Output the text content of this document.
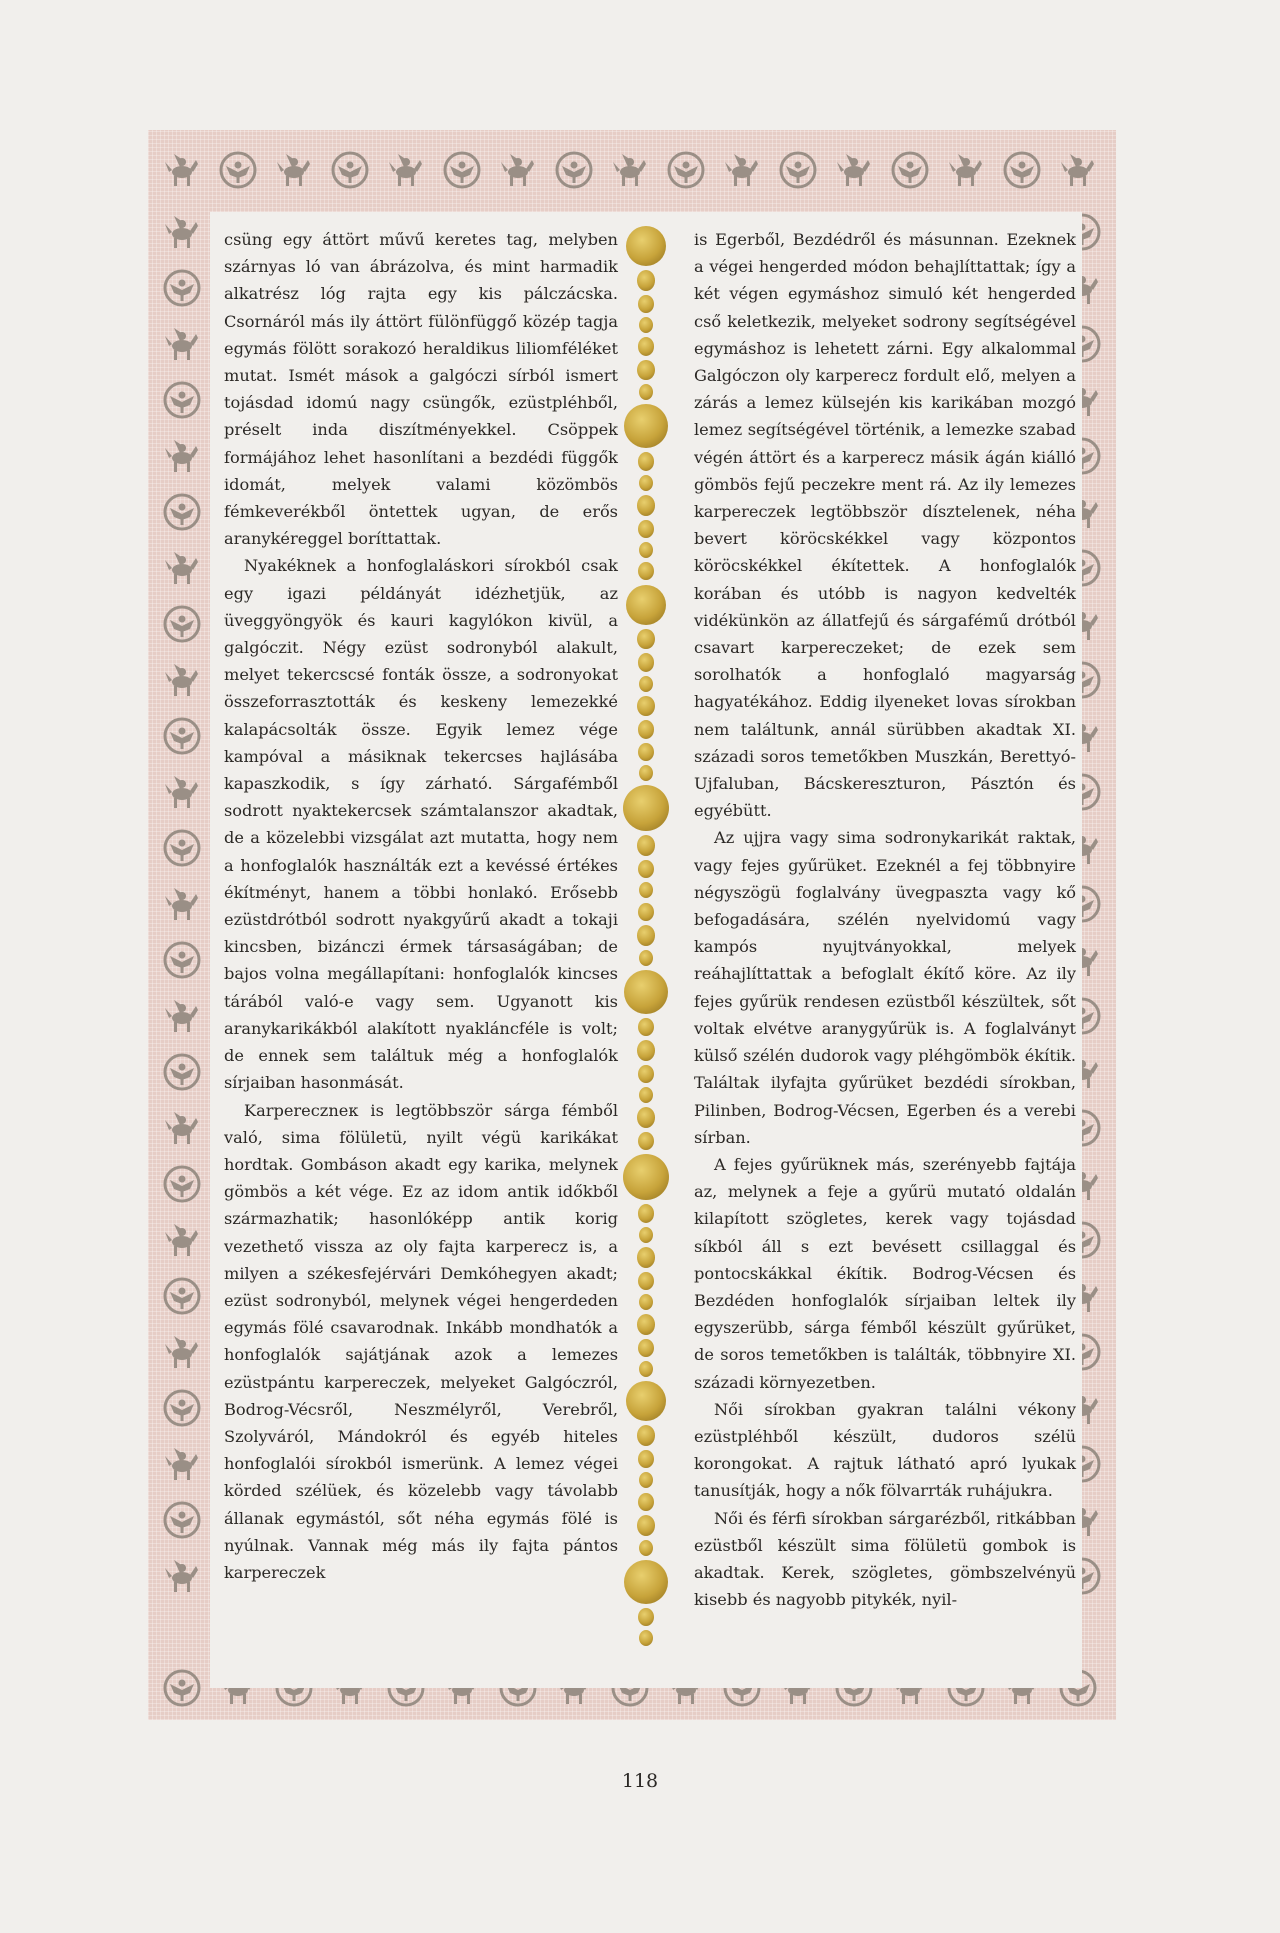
csüng egy áttört művű keretes tag, melyben szárnyas ló van ábrázolva, és mint harmadik alkatrész lóg rajta egy kis pálczácska. Csornáról más ily áttört fülönfüggő közép tagja egymás fölött sorakozó heraldikus liliomféléket mutat. Ismét mások a galgóczi sírból ismert tojásdad idomú nagy csüngők, ezüstpléhből, préselt inda diszítményekkel. Csöppek formájához lehet hasonlítani a bezdédi függők idomát, melyek valami közömbös fémkeverékből öntettek ugyan, de erős aranykéreggel boríttattak.

Nyakéknek a honfoglaláskori sírokból csak egy igazi példányát idézhetjük, az üveggyöngyök és kauri kagylókon kivül, a galgóczit. Négy ezüst sodronyból alakult, melyet tekercscsé fonták össze, a sodronyokat összeforrasztották és keskeny lemezekké kalapácsolták össze. Egyik lemez vége kampóval a másiknak tekercses hajlásába kapaszkodik, s így zárható. Sárgafémből sodrott nyaktekercsek számtalanszor akadtak, de a közelebbi vizsgálat azt mutatta, hogy nem a honfoglalók használták ezt a kevéssé értékes ékítményt, hanem a többi honlakó. Erősebb ezüstdrótból sodrott nyakgyűrű akadt a tokaji kincsben, bizánczi érmek társaságában; de bajos volna megállapítani: honfoglalók kincses tárából való-e vagy sem. Ugyanott kis aranykarikákból alakított nyakláncféle is volt; de ennek sem találtuk még a honfoglalók sírjaiban hasonmását.

Karpereczneк is legtöbbször sárga fémből való, sima fölületü, nyilt végü karikákat hordtak. Gombáson akadt egy karika, melynek gömbös a két vége. Ez az idom antik időkből származhatik; hasonlóképp antik korig vezethető vissza az oly fajta karperecz is, a milyen a székesfejérvári Demkóhegyen akadt; ezüst sodronyból, melynek végei hengerdeden egymás fölé csavarodnak. Inkább mondhatók a honfoglalók sajátjának azok a lemezes ezüstpántu karpereczek, melyeket Galgóczról, Bodrog-Vécsről, Neszmélyről, Verebről, Szolyváról, Mándokról és egyéb hiteles honfoglalói sírokból ismerünk. A lemez végei körded szélüek, és közelebb vagy távolabb állanak egymástól, sőt néha egymás fölé is nyúlnak. Vannak még más ily fajta pántos karpereczek

is Egerből, Bezdédről és másunnan. Ezeknek a végei hengerded módon behajlíttattak; így a két végen egymáshoz simuló két hengerded cső keletkezik, melyeket sodrony segítségével egymáshoz is lehetett zárni. Egy alkalommal Galgóczon oly karperecz fordult elő, melyen a zárás a lemez külsején kis karikában mozgó lemez segítségével történik, a lemezke szabad végén áttört és a karperecz másik ágán kiálló gömbös fejű peczekre ment rá. Az ily lemezes karpereczek legtöbbször dísztelenek, néha bevert köröcskékkel vagy központos köröcskékkel ékítettek. A honfoglalók korában és utóbb is nagyon kedvelték vidékünkön az állatfejű és sárgafémű drótból csavart karpereczeket; de ezek sem sorolhatók a honfoglaló magyarság hagyatékához. Eddig ilyeneket lovas sírokban nem találtunk, annál sürübben akadtak XI. századi soros temetőkben Muszkán, Berettyó-Ujfaluban, Bácskereszturon, Pásztón és egyébütt.

Az ujjra vagy sima sodronykarikát raktak, vagy fejes gyűrüket. Ezeknél a fej többnyire négyszögü foglalvány üvegpaszta vagy kő befogadására, szélén nyelvidomú vagy kampós nyujtványokkal, melyek reáhajlíttattak a befoglalt ékítő köre. Az ily fejes gyűrük rendesen ezüstből készültek, sőt voltak elvétve aranygyűrük is. A foglalványt külső szélén dudorok vagy pléhgömbök ékítik. Találtak ilyfajta gyűrüket bezdédi sírokban, Pilinben, Bodrog-Vécsen, Egerben és a verebi sírban.

A fejes gyűrüknek más, szerényebb fajtája az, melynek a feje a gyűrü mutató oldalán kilapított szögletes, kerek vagy tojásdad síkból áll s ezt bevésett csillaggal és pontocskákkal ékítik. Bodrog-Vécsen és Bezdéden honfoglalók sírjaiban leltek ily egyszerübb, sárga fémből készült gyűrüket, de soros temetőkben is találták, többnyire XI. századi környezetben.

Női sírokban gyakran találni vékony ezüstpléhből készült, dudoros szélü korongokat. A rajtuk látható apró lyukak tanusítják, hogy a nők fölvarrták ruhájukra.

Női és férfi sírokban sárgarézből, ritkábban ezüstből készült sima fölületü gombok is akadtak. Kerek, szögletes, gömbszelvényü kisebb és nagyobb pitykék, nyil-

118
